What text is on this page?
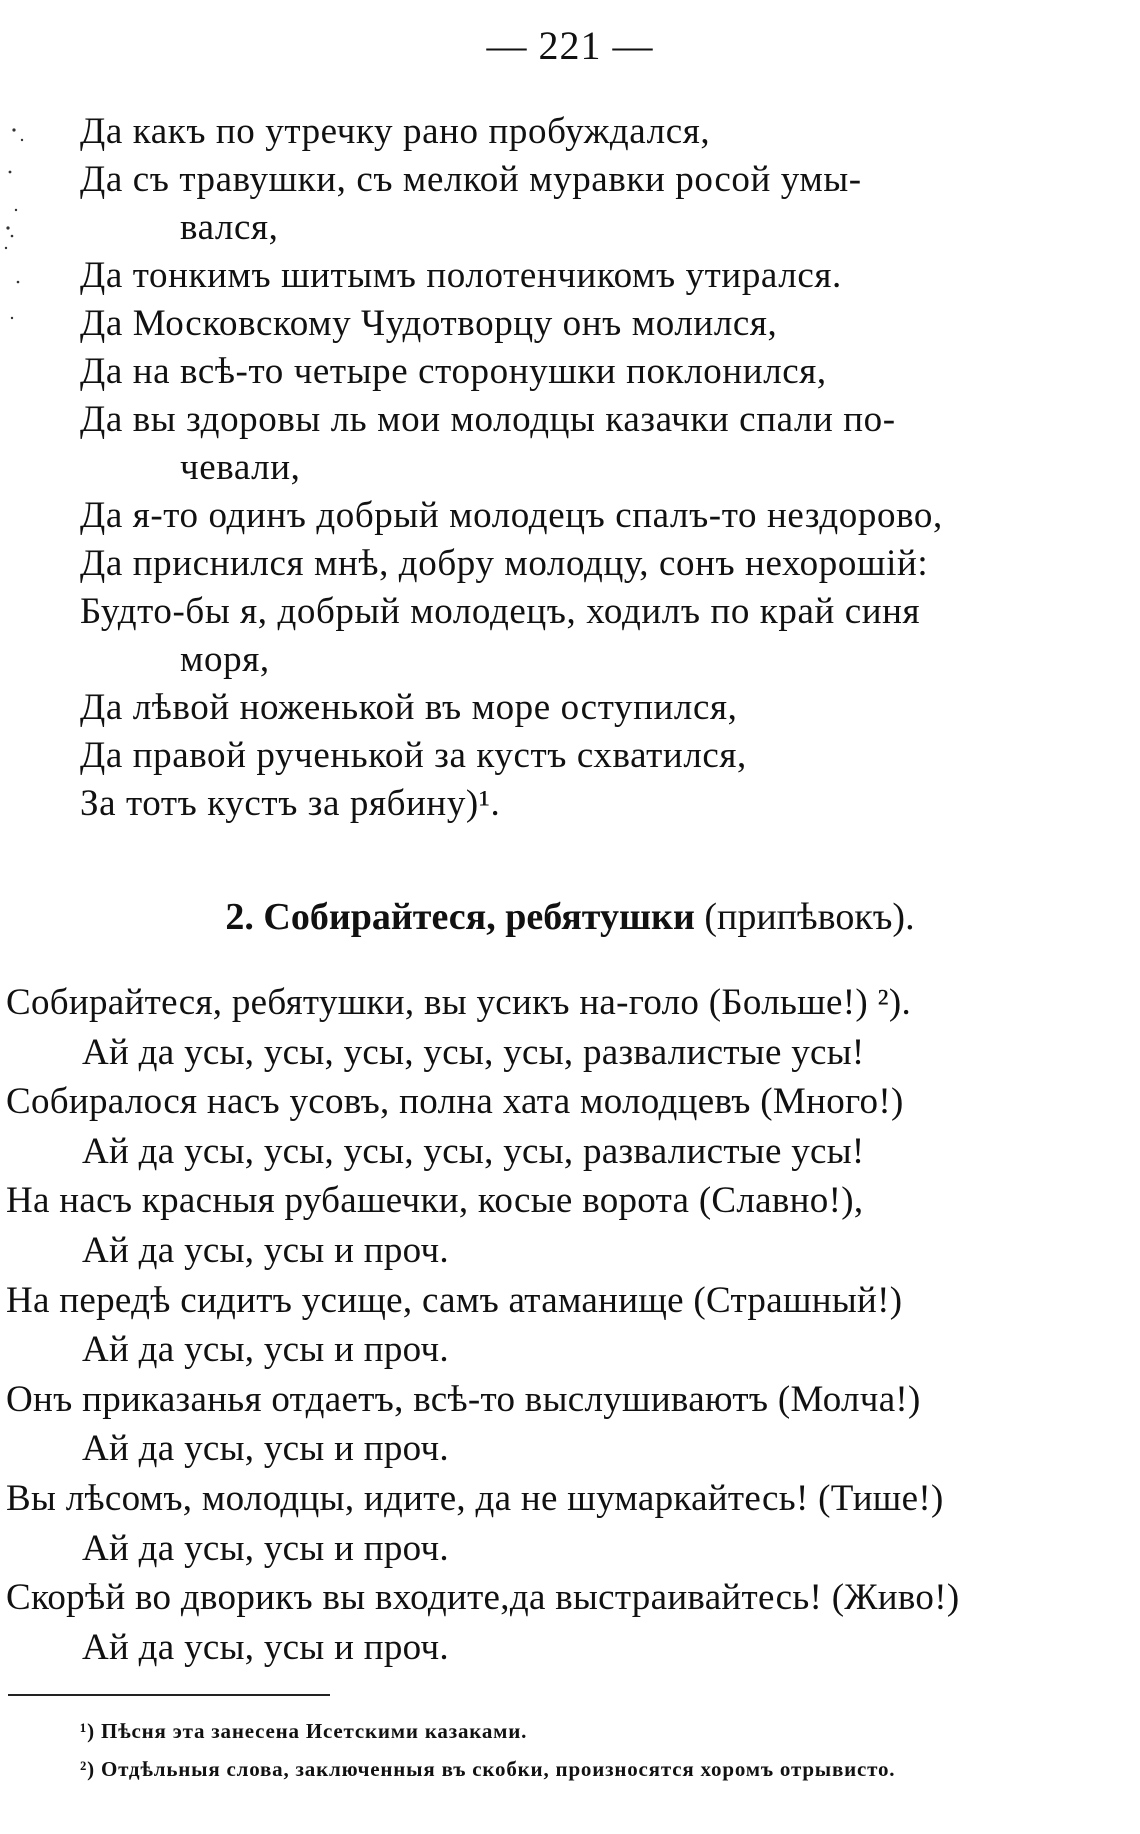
— 221 —
Да какъ по утречку рано пробуждался,
Да съ травушки, съ мелкой муравки росой умы-
вался,
Да тонкимъ шитымъ полотенчикомъ утирался.
Да Московскому Чудотворцу онъ молился,
Да на всѣ-то четыре сторонушки поклонился,
Да вы здоровы ль мои молодцы казачки спали по-
чевали,
Да я-то одинъ добрый молодецъ спалъ-то нездорово,
Да приснился мнѣ, добру молодцу, сонъ нехорошій:
Будто-бы я, добрый молодецъ, ходилъ по край синя
моря,
Да лѣвой ноженькой въ море оступился,
Да правой рученькой за кустъ схватился,
За тотъ кустъ за рябину)¹.
2. Собирайтеся, ребятушки (припѣвокъ).
Собирайтеся, ребятушки, вы усикъ на-голо (Больше!) ²).
Ай да усы, усы, усы, усы, усы, развалистые усы!
Собиралося насъ усовъ, полна хата молодцевъ (Много!)
Ай да усы, усы, усы, усы, усы, развалистые усы!
На насъ красныя рубашечки, косые ворота (Славно!),
Ай да усы, усы и проч.
На передѣ сидитъ усище, самъ атаманище (Страшный!)
Ай да усы, усы и проч.
Онъ приказанья отдаетъ, всѣ-то выслушиваютъ (Молча!)
Ай да усы, усы и проч.
Вы лѣсомъ, молодцы, идите, да не шумаркайтесь! (Тише!)
Ай да усы, усы и проч.
Скорѣй во дворикъ вы входите,да выстраивайтесь! (Живо!)
Ай да усы, усы и проч.
¹) Пѣсня эта занесена Исетскими казаками.
²) Отдѣльныя слова, заключенныя въ скобки, произносятся хоромъ отрывисто.
